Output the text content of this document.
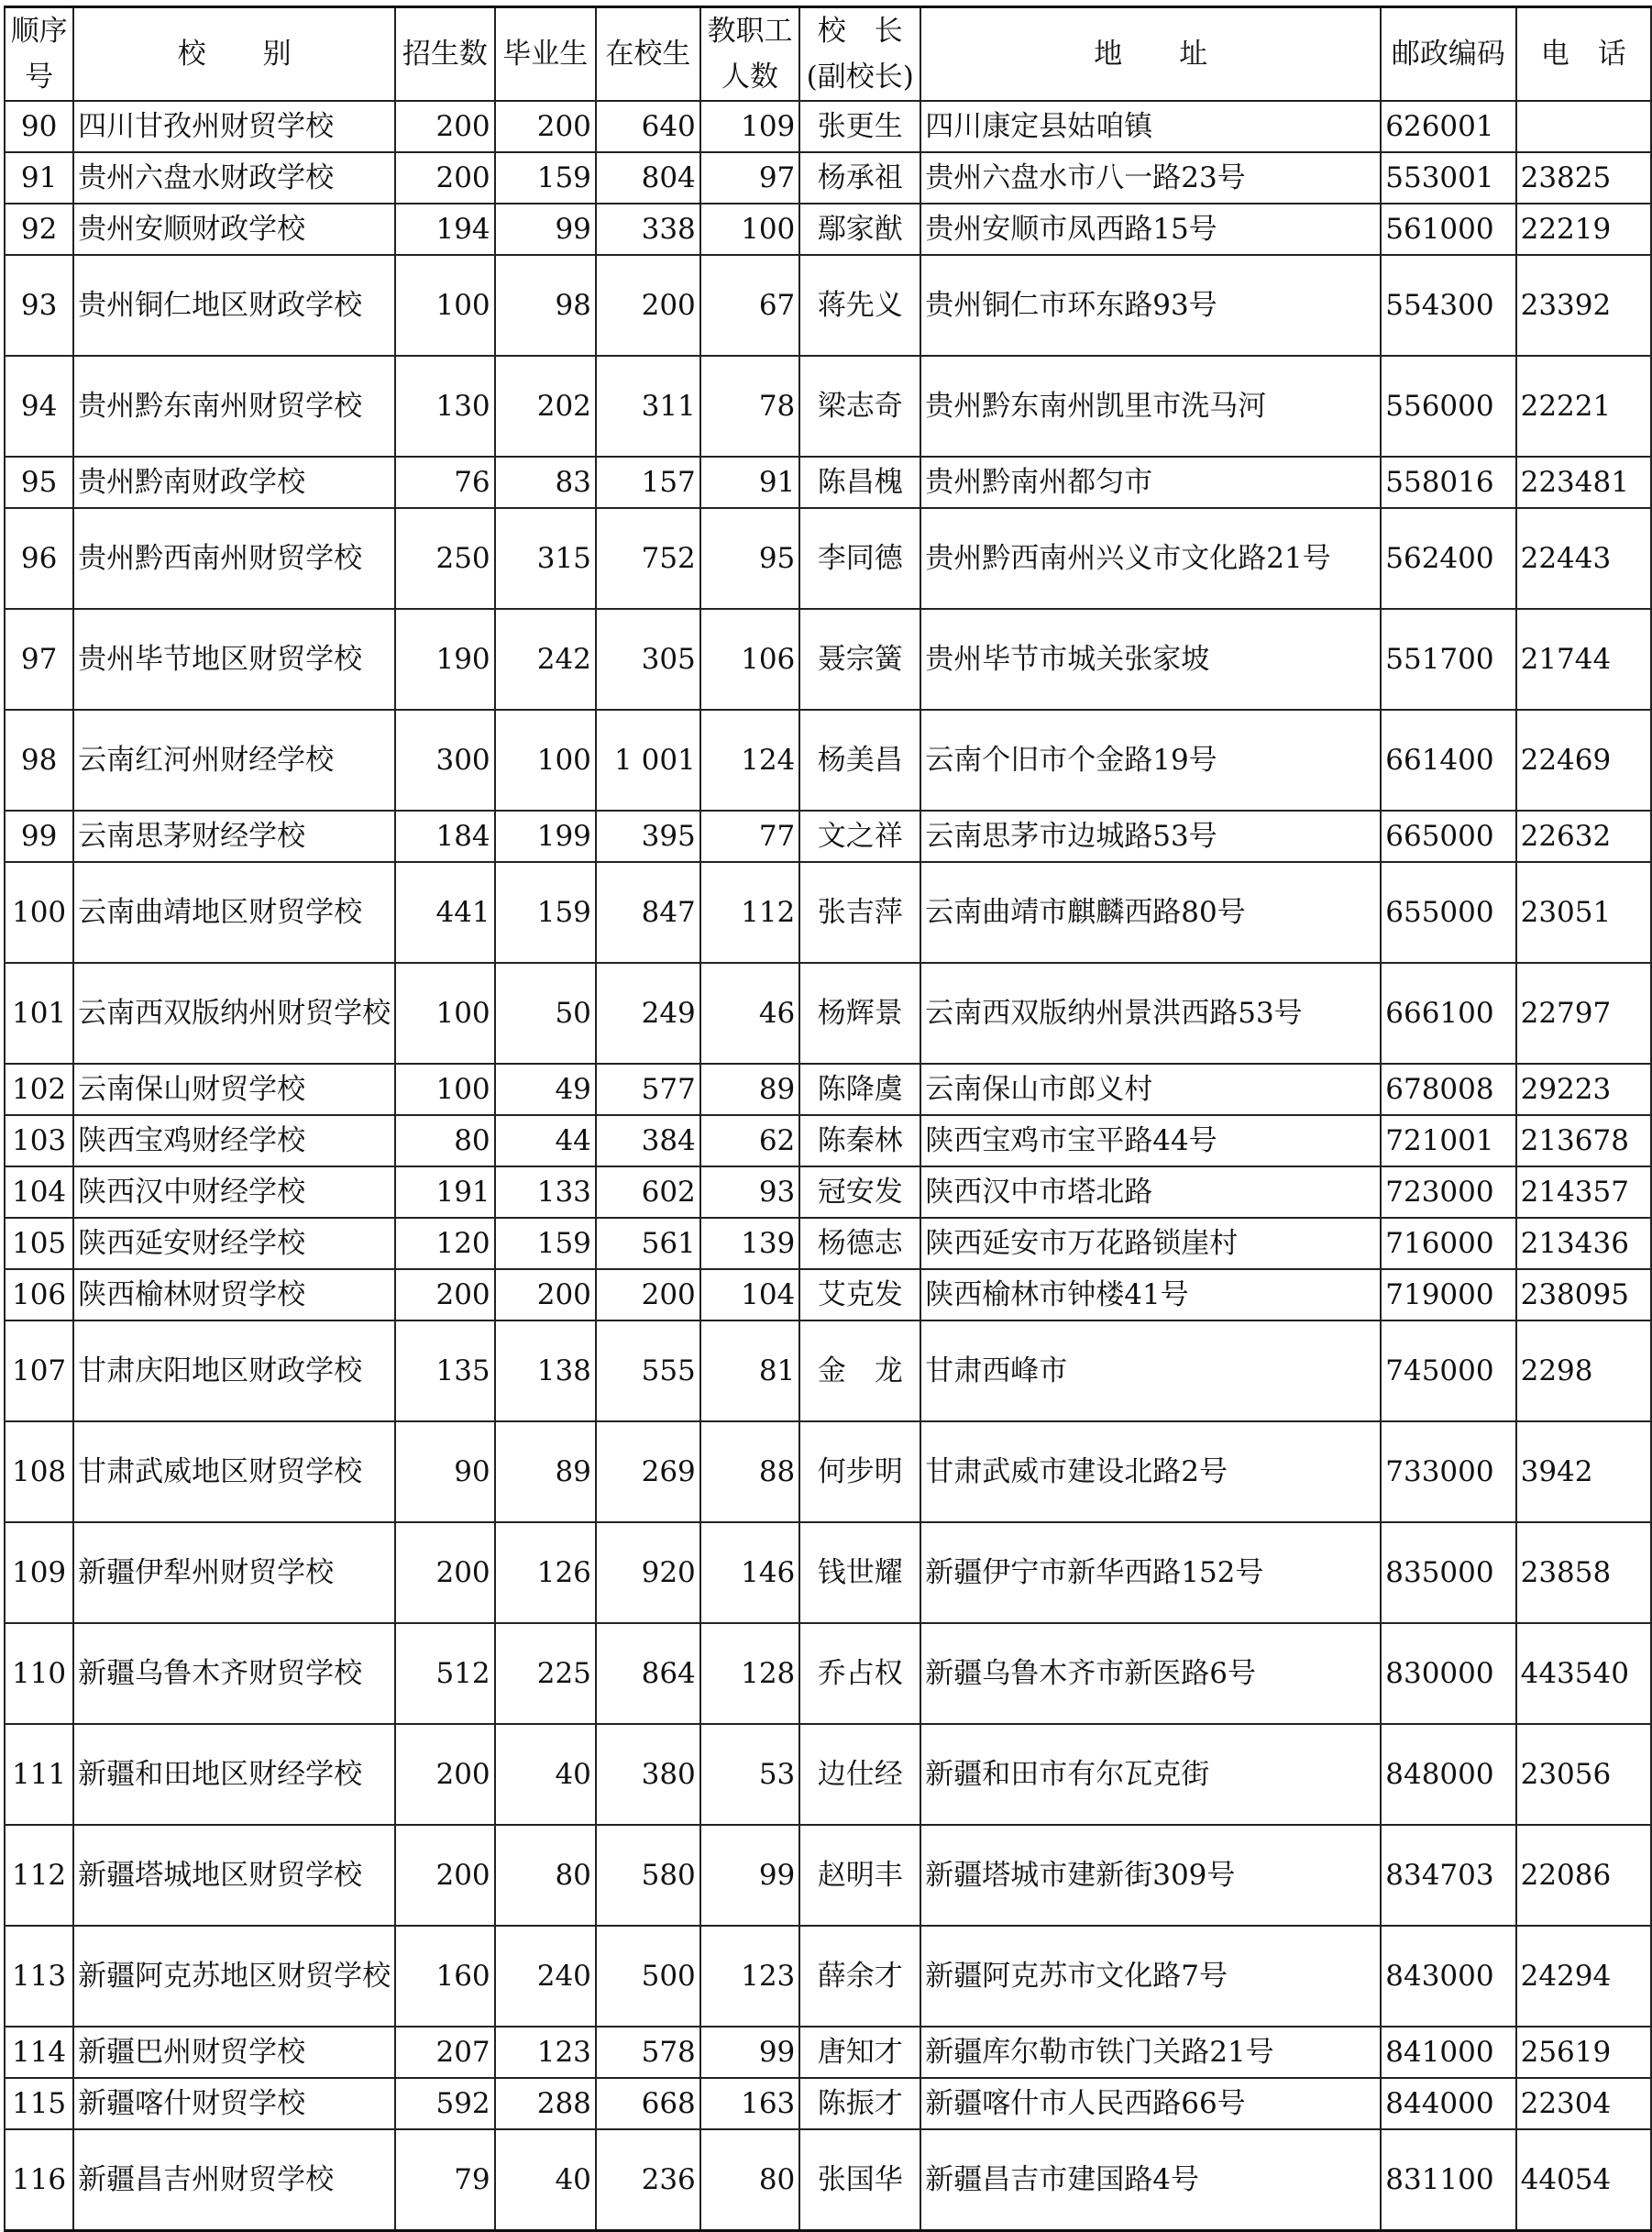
顺序号	校　　别	招生数	毕业生	在校生	教职工人数	校　长(副校长)	地　　址	邮政编码	电　话
90	四川甘孜州财贸学校	200	200	640	109	张更生	四川康定县姑咱镇	626001	
91	贵州六盘水财政学校	200	159	804	97	杨承祖	贵州六盘水市八一路23号	553001	23825
92	贵州安顺财政学校	194	99	338	100	鄢家猷	贵州安顺市凤西路15号	561000	22219
93	贵州铜仁地区财政学校	100	98	200	67	蒋先义	贵州铜仁市环东路93号	554300	23392
94	贵州黔东南州财贸学校	130	202	311	78	梁志奇	贵州黔东南州凯里市洗马河	556000	22221
95	贵州黔南财政学校	76	83	157	91	陈昌槐	贵州黔南州都匀市	558016	223481
96	贵州黔西南州财贸学校	250	315	752	95	李同德	贵州黔西南州兴义市文化路21号	562400	22443
97	贵州毕节地区财贸学校	190	242	305	106	聂宗簧	贵州毕节市城关张家坡	551700	21744
98	云南红河州财经学校	300	100	1 001	124	杨美昌	云南个旧市个金路19号	661400	22469
99	云南思茅财经学校	184	199	395	77	文之祥	云南思茅市边城路53号	665000	22632
100	云南曲靖地区财贸学校	441	159	847	112	张吉萍	云南曲靖市麒麟西路80号	655000	23051
101	云南西双版纳州财贸学校	100	50	249	46	杨辉景	云南西双版纳州景洪西路53号	666100	22797
102	云南保山财贸学校	100	49	577	89	陈降虞	云南保山市郎义村	678008	29223
103	陕西宝鸡财经学校	80	44	384	62	陈秦林	陕西宝鸡市宝平路44号	721001	213678
104	陕西汉中财经学校	191	133	602	93	冠安发	陕西汉中市塔北路	723000	214357
105	陕西延安财经学校	120	159	561	139	杨德志	陕西延安市万花路锁崖村	716000	213436
106	陕西榆林财贸学校	200	200	200	104	艾克发	陕西榆林市钟楼41号	719000	238095
107	甘肃庆阳地区财政学校	135	138	555	81	金　龙	甘肃西峰市	745000	2298
108	甘肃武威地区财贸学校	90	89	269	88	何步明	甘肃武威市建设北路2号	733000	3942
109	新疆伊犁州财贸学校	200	126	920	146	钱世耀	新疆伊宁市新华西路152号	835000	23858
110	新疆乌鲁木齐财贸学校	512	225	864	128	乔占权	新疆乌鲁木齐市新医路6号	830000	443540
111	新疆和田地区财经学校	200	40	380	53	边仕经	新疆和田市有尔瓦克街	848000	23056
112	新疆塔城地区财贸学校	200	80	580	99	赵明丰	新疆塔城市建新街309号	834703	22086
113	新疆阿克苏地区财贸学校	160	240	500	123	薛余才	新疆阿克苏市文化路7号	843000	24294
114	新疆巴州财贸学校	207	123	578	99	唐知才	新疆库尔勒市铁门关路21号	841000	25619
115	新疆喀什财贸学校	592	288	668	163	陈振才	新疆喀什市人民西路66号	844000	22304
116	新疆昌吉州财贸学校	79	40	236	80	张国华	新疆昌吉市建国路4号	831100	44054
